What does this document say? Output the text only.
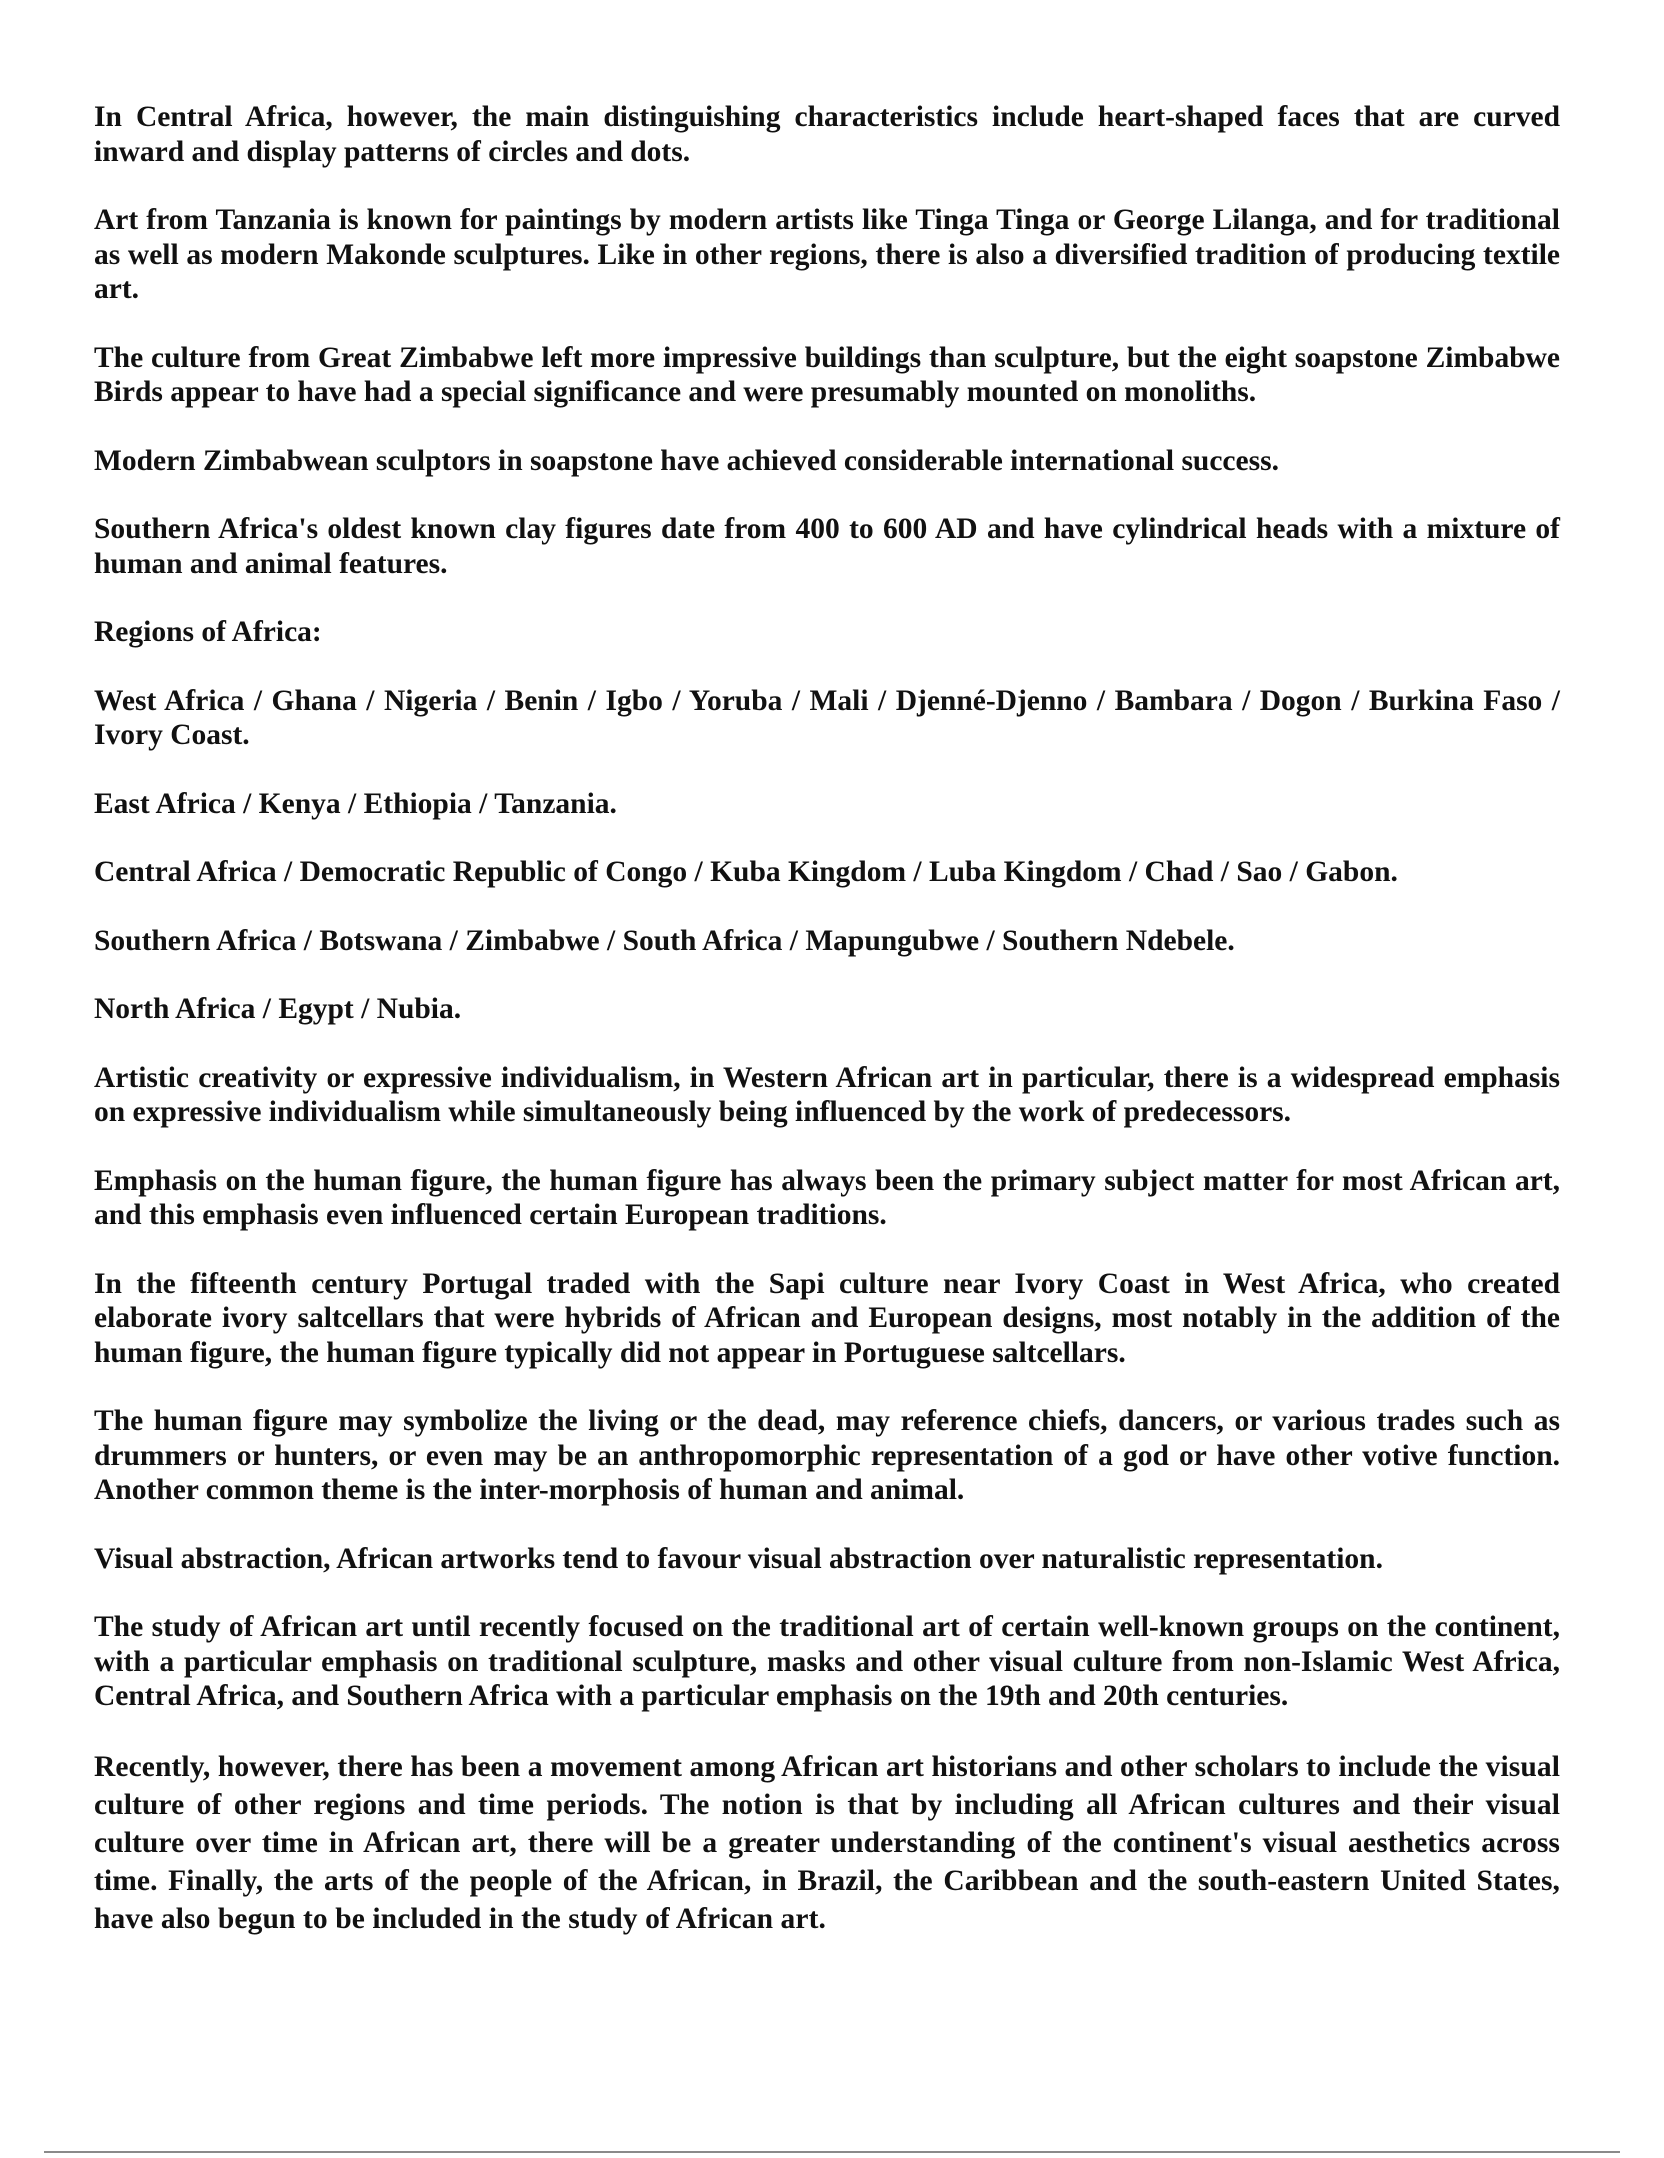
In Central Africa, however, the main distinguishing characteristics include heart-shaped faces that are curved inward and display patterns of circles and dots.

Art from Tanzania is known for paintings by modern artists like Tinga Tinga or George Lilanga, and for traditional as well as modern Makonde sculptures. Like in other regions, there is also a diversified tradition of producing textile art.

The culture from Great Zimbabwe left more impressive buildings than sculpture, but the eight soapstone Zimbabwe Birds appear to have had a special significance and were presumably mounted on monoliths.

Modern Zimbabwean sculptors in soapstone have achieved considerable international success.

Southern Africa's oldest known clay figures date from 400 to 600 AD and have cylindrical heads with a mixture of human and animal features.

Regions of Africa:

West Africa / Ghana / Nigeria / Benin / Igbo / Yoruba / Mali / Djenné-Djenno / Bambara / Dogon / Burkina Faso / Ivory Coast.

East Africa / Kenya / Ethiopia / Tanzania.

Central Africa / Democratic Republic of Congo / Kuba Kingdom / Luba Kingdom / Chad / Sao / Gabon.

Southern Africa / Botswana / Zimbabwe / South Africa / Mapungubwe / Southern Ndebele.

North Africa / Egypt / Nubia.

Artistic creativity or expressive individualism, in Western African art in particular, there is a widespread emphasis on expressive individualism while simultaneously being influenced by the work of predecessors.

Emphasis on the human figure, the human figure has always been the primary subject matter for most African art, and this emphasis even influenced certain European traditions.

In the fifteenth century Portugal traded with the Sapi culture near Ivory Coast in West Africa, who created elaborate ivory saltcellars that were hybrids of African and European designs, most notably in the addition of the human figure, the human figure typically did not appear in Portuguese saltcellars.

The human figure may symbolize the living or the dead, may reference chiefs, dancers, or various trades such as drummers or hunters, or even may be an anthropomorphic representation of a god or have other votive function. Another common theme is the inter-morphosis of human and animal.

Visual abstraction, African artworks tend to favour visual abstraction over naturalistic representation.

The study of African art until recently focused on the traditional art of certain well-known groups on the continent, with a particular emphasis on traditional sculpture, masks and other visual culture from non-Islamic West Africa, Central Africa, and Southern Africa with a particular emphasis on the 19th and 20th centuries.

Recently, however, there has been a movement among African art historians and other scholars to include the visual culture of other regions and time periods. The notion is that by including all African cultures and their visual culture over time in African art, there will be a greater understanding of the continent's visual aesthetics across time. Finally, the arts of the people of the African, in Brazil, the Caribbean and the south-eastern United States, have also begun to be included in the study of African art.
